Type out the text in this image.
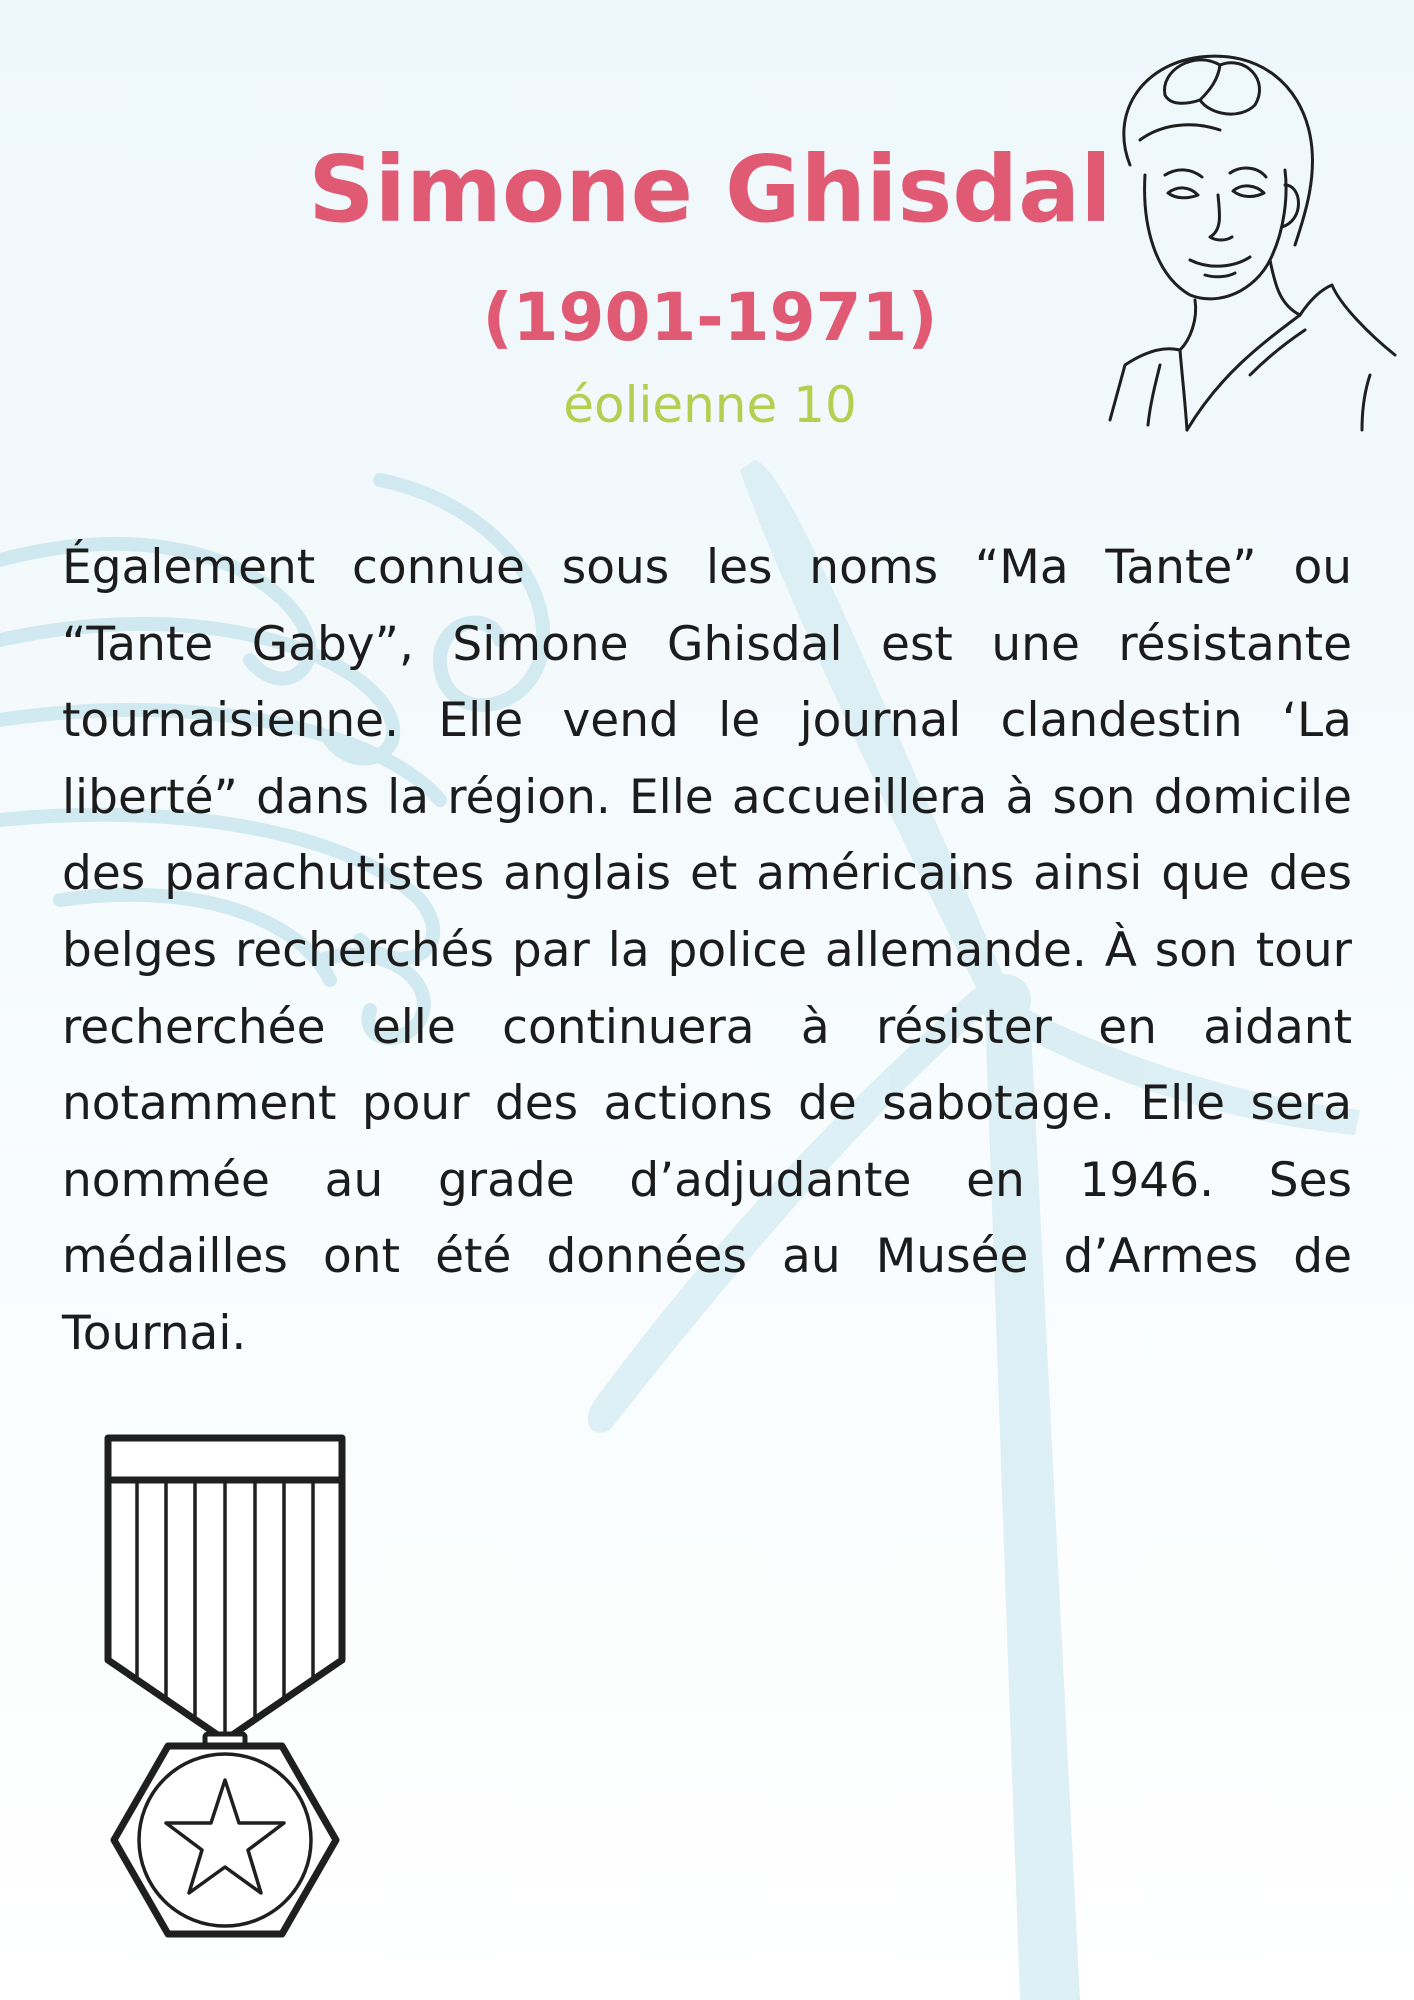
Simone Ghisdal
(1901-1971)
éolienne 10

Également connue sous les noms “Ma Tante” ou “Tante Gaby”, Simone Ghisdal est une résistante tournaisienne. Elle vend le journal clandestin ‘La liberté” dans la région. Elle accueillera à son domicile des parachutistes anglais et américains ainsi que des belges recherchés par la police allemande. À son tour recherchée elle continuera à résister en aidant notamment pour des actions de sabotage. Elle sera nommée au grade d’adjudante en 1946. Ses médailles ont été données au Musée d’Armes de Tournai.
